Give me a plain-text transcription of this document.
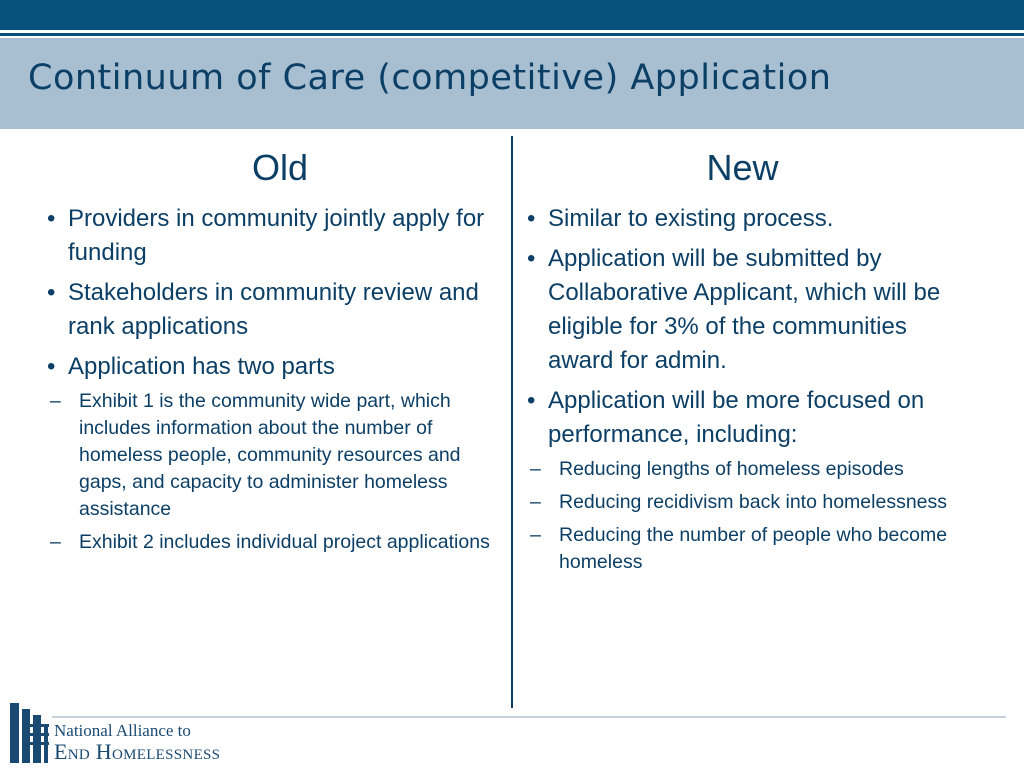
Continuum of Care (competitive) Application
Old
• Providers in community jointly apply for funding
• Stakeholders in community review and rank applications
• Application has two parts
– Exhibit 1 is the community wide part, which includes information about the number of homeless people, community resources and gaps, and capacity to administer homeless assistance
– Exhibit 2 includes individual project applications
New
• Similar to existing process.
• Application will be submitted by Collaborative Applicant, which will be eligible for 3% of the communities award for admin.
• Application will be more focused on performance, including:
– Reducing lengths of homeless episodes
– Reducing recidivism back into homelessness
– Reducing the number of people who become homeless

National Alliance to

End Homelessness
